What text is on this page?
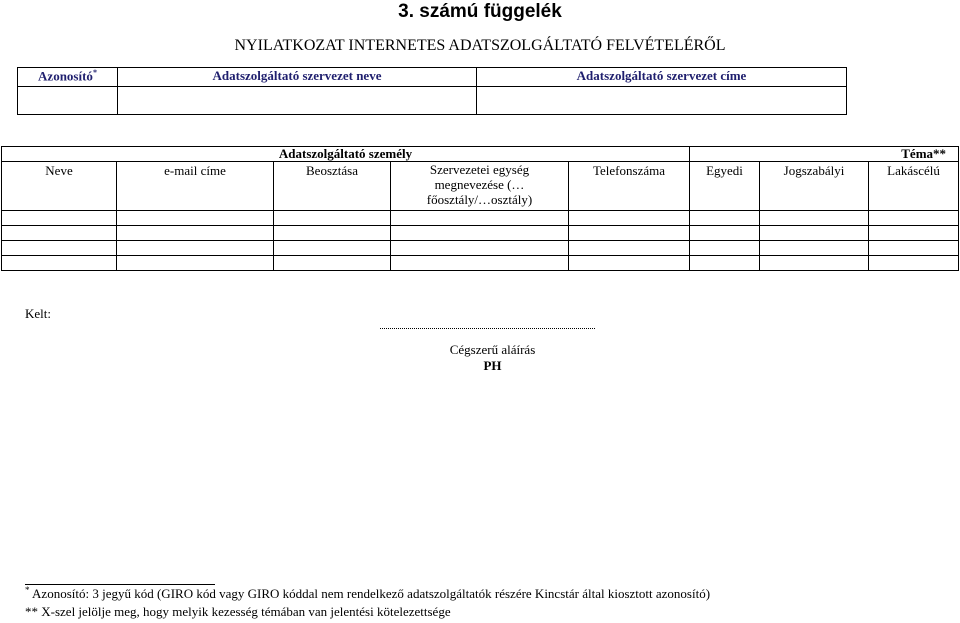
3. számú függelék
NYILATKOZAT INTERNETES ADATSZOLGÁLTATÓ FELVÉTELÉRŐL
Azonosító*	Adatszolgáltató szervezet neve	Adatszolgáltató szervezet címe

Adatszolgáltató személy					Téma**		
Neve	e-mail címe	Beosztása	Szervezetei egység megnevezése (…főosztály/…osztály)	Telefonszáma	Egyedi	Jogszabályi	Lakáscélú

Kelt:
Cégszerű aláírás
PH
* Azonosító: 3 jegyű kód (GIRO kód vagy GIRO kóddal nem rendelkező adatszolgáltatók részére Kincstár által kiosztott azonosító)
** X-szel jelölje meg, hogy melyik kezesség témában van jelentési kötelezettsége
